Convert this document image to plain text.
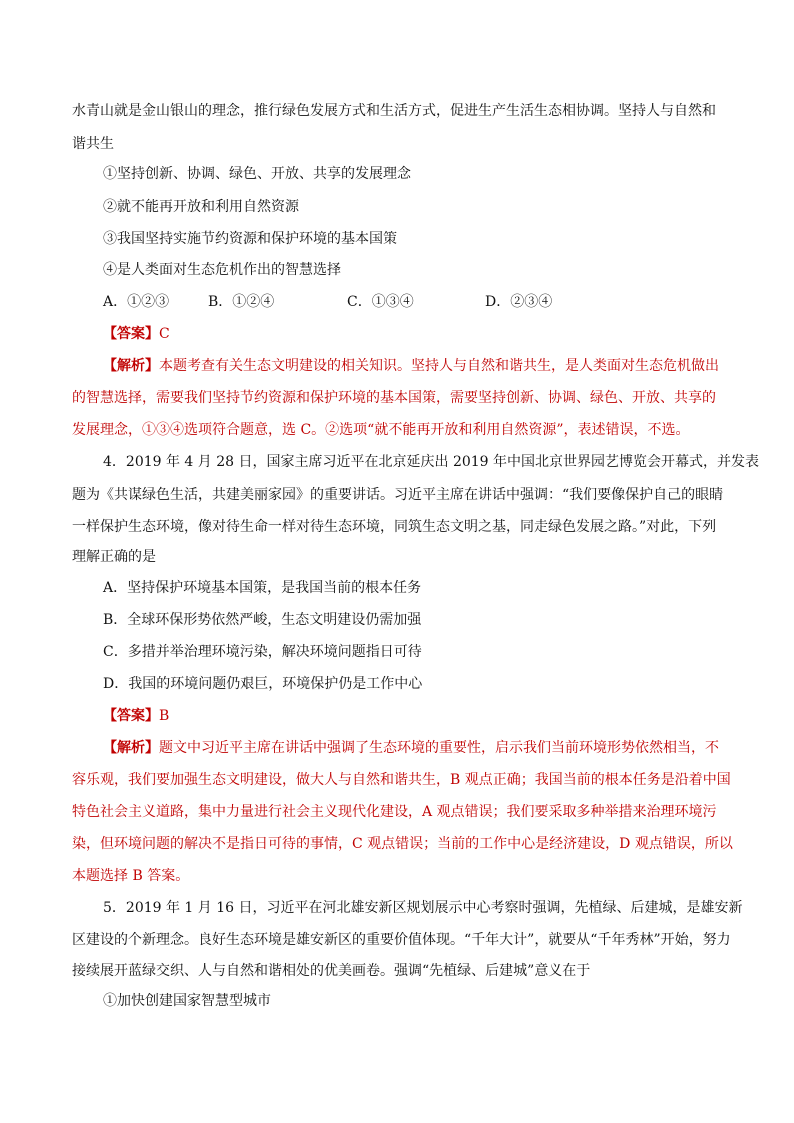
水青山就是金山银山的理念，推行绿色发展方式和生活方式，促进生产生活生态相协调。坚持人与自然和
谐共生
①坚持创新、协调、绿色、开放、共享的发展理念
②就不能再开放和利用自然资源
③我国坚持实施节约资源和保护环境的基本国策
④是人类面对生态危机作出的智慧选择
A．①②③	B．①②④	C．①③④	D．②③④
【答案】C
【解析】本题考查有关生态文明建设的相关知识。坚持人与自然和谐共生，是人类面对生态危机做出
的智慧选择，需要我们坚持节约资源和保护环境的基本国策，需要坚持创新、协调、绿色、开放、共享的
发展理念，①③④选项符合题意，选 C。②选项“就不能再开放和利用自然资源”，表述错误，不选。
4．2019 年 4 月 28 日，国家主席习近平在北京延庆出 2019 年中国北京世界园艺博览会开幕式，并发表
题为《共谋绿色生活，共建美丽家园》的重要讲话。习近平主席在讲话中强调：“我们要像保护自己的眼睛
一样保护生态环境，像对待生命一样对待生态环境，同筑生态文明之基，同走绿色发展之路。”对此，下列
理解正确的是
A．坚持保护环境基本国策，是我国当前的根本任务
B．全球环保形势依然严峻，生态文明建设仍需加强
C．多措并举治理环境污染，解决环境问题指日可待
D．我国的环境问题仍艰巨，环境保护仍是工作中心
【答案】B
【解析】题文中习近平主席在讲话中强调了生态环境的重要性，启示我们当前环境形势依然相当，不
容乐观，我们要加强生态文明建设，做大人与自然和谐共生，B 观点正确；我国当前的根本任务是沿着中国
特色社会主义道路，集中力量进行社会主义现代化建设，A 观点错误；我们要采取多种举措来治理环境污
染，但环境问题的解决不是指日可待的事情，C 观点错误；当前的工作中心是经济建设，D 观点错误，所以
本题选择 B 答案。
5．2019 年 1 月 16 日，习近平在河北雄安新区规划展示中心考察时强调，先植绿、后建城，是雄安新
区建设的个新理念。良好生态环境是雄安新区的重要价值体现。“千年大计”，就要从“千年秀林”开始，努力
接续展开蓝绿交织、人与自然和谐相处的优美画卷。强调“先植绿、后建城”意义在于
①加快创建国家智慧型城市
